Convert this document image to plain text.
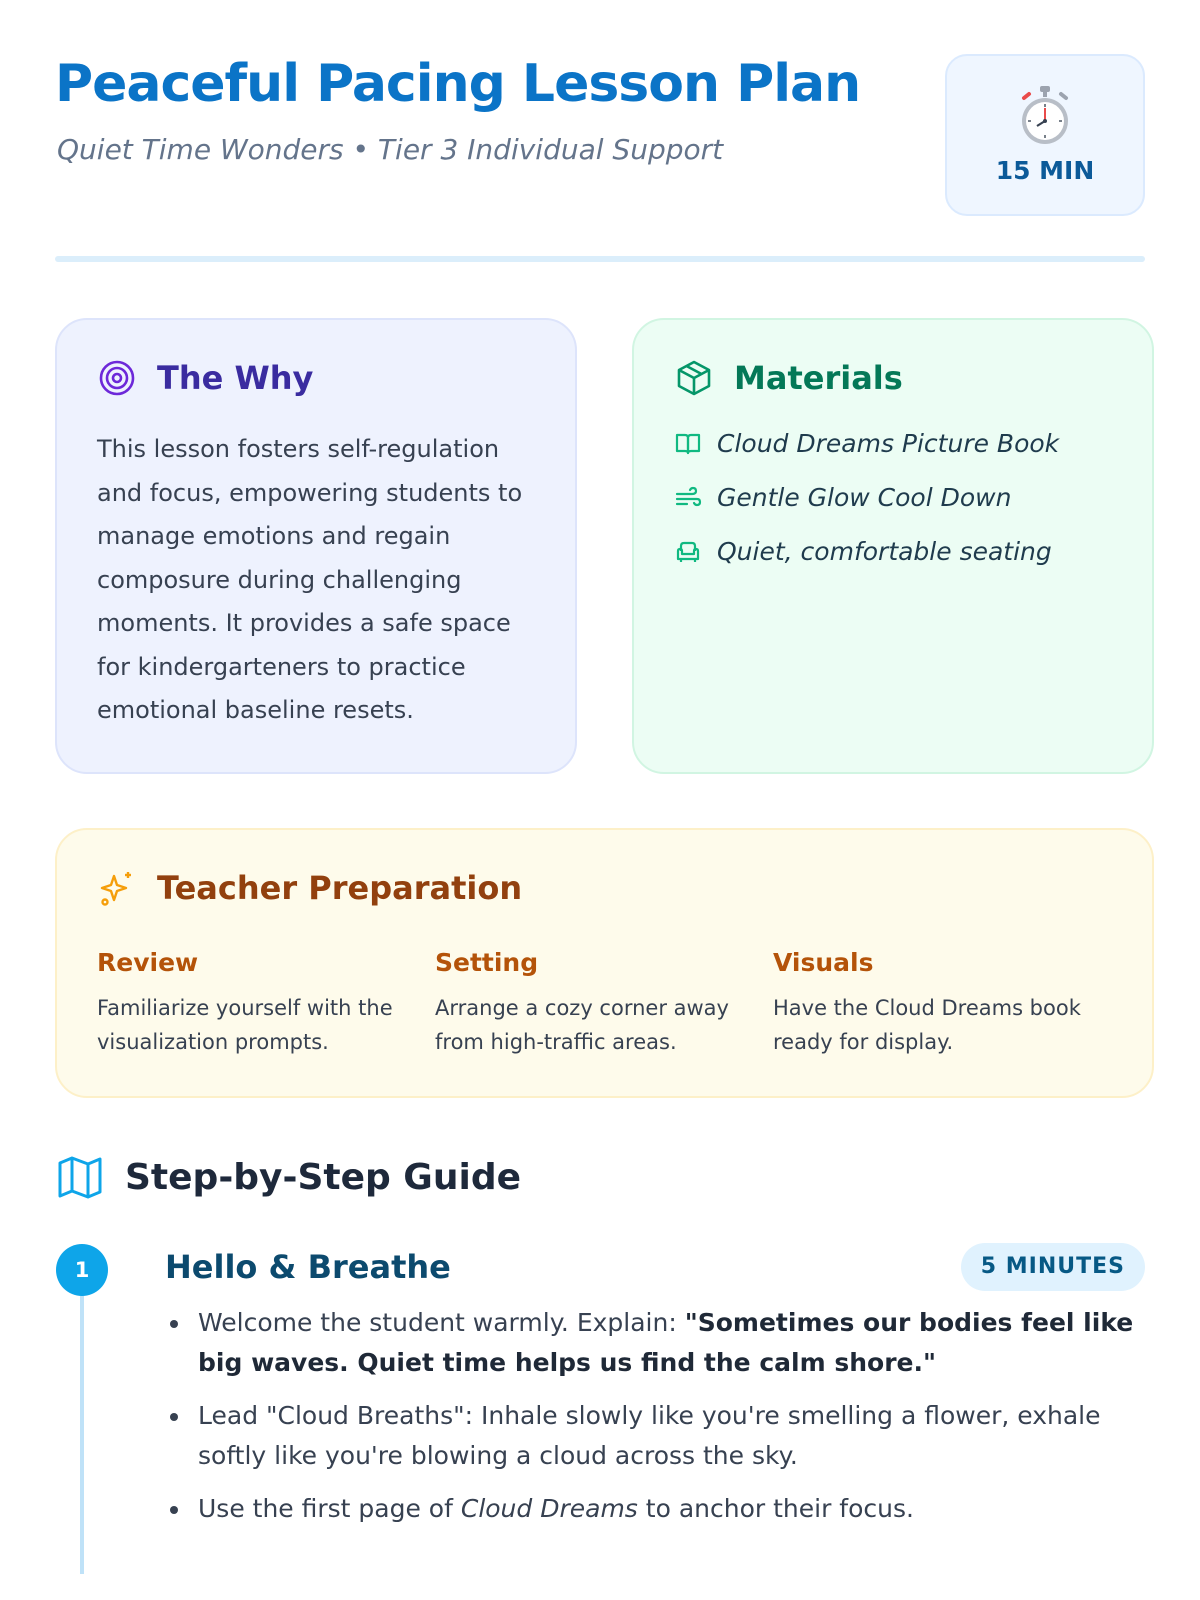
Peaceful Pacing Lesson Plan
Quiet Time Wonders • Tier 3 Individual Support
15 MIN
The Why

This lesson fosters self-regulation and focus, empowering students to manage emotions and regain composure during challenging moments. It provides a safe space for kindergarteners to practice emotional baseline resets.

Materials
Cloud Dreams Picture Book
Gentle Glow Cool Down
Quiet, comfortable seating
Teacher Preparation
Review

Familiarize yourself with the visualization prompts.

Setting

Arrange a cozy corner away from high-traffic areas.

Visuals

Have the Cloud Dreams book ready for display.

Step-by-Step Guide
1	Hello & Breathe	5 MINUTES
Welcome the student warmly. Explain: "Sometimes our bodies feel like big waves. Quiet time helps us find the calm shore."
Lead "Cloud Breaths": Inhale slowly like you're smelling a flower, exhale softly like you're blowing a cloud across the sky.
Use the first page of Cloud Dreams to anchor their focus.
